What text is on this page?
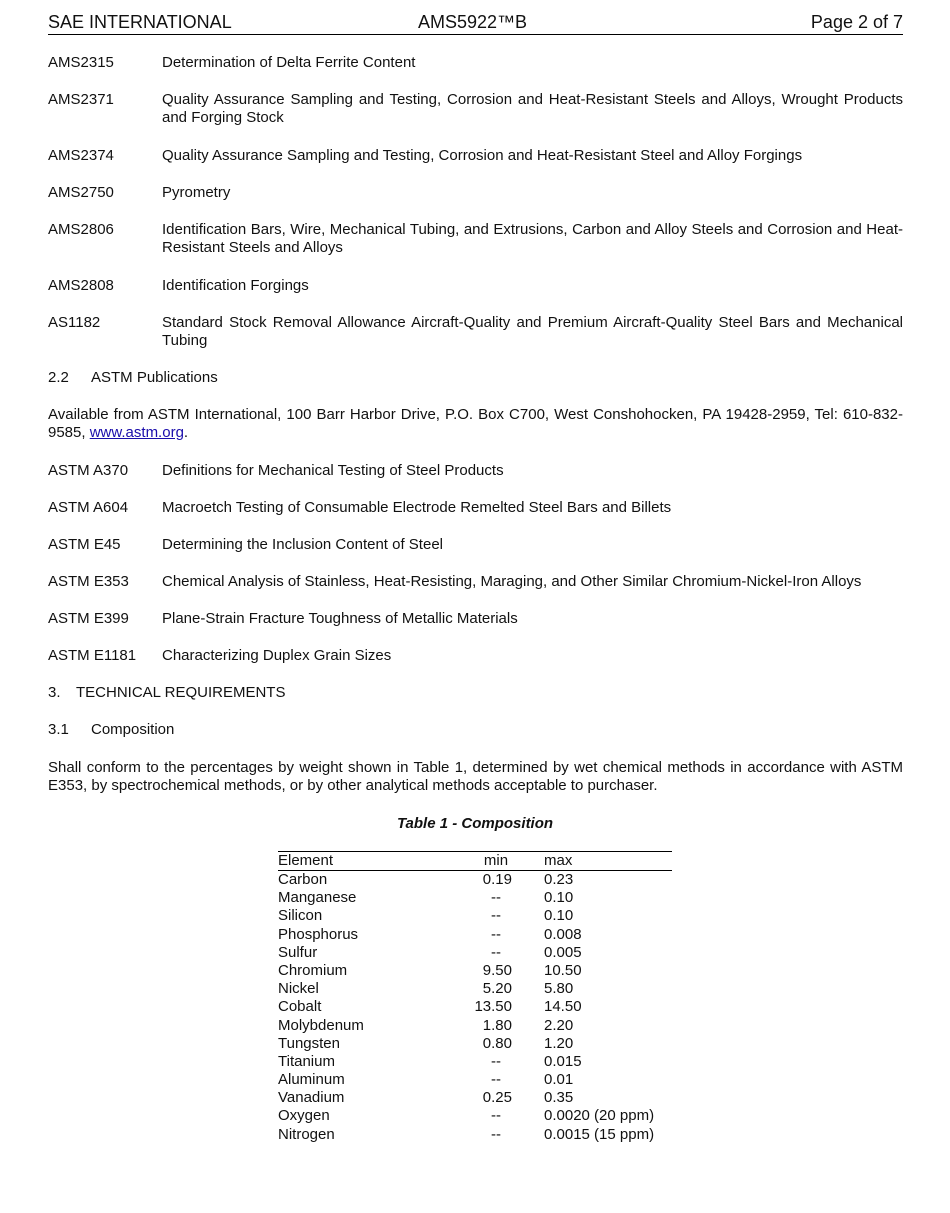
SAE INTERNATIONAL	AMS5922™B	Page 2 of 7
AMS2315	Determination of Delta Ferrite Content
AMS2371	Quality Assurance Sampling and Testing, Corrosion and Heat-Resistant Steels and Alloys, Wrought Products and Forging Stock
AMS2374	Quality Assurance Sampling and Testing, Corrosion and Heat-Resistant Steel and Alloy Forgings
AMS2750	Pyrometry
AMS2806	Identification Bars, Wire, Mechanical Tubing, and Extrusions, Carbon and Alloy Steels and Corrosion and Heat-Resistant Steels and Alloys
AMS2808	Identification Forgings
AS1182	Standard Stock Removal Allowance Aircraft-Quality and Premium Aircraft-Quality Steel Bars and Mechanical Tubing
2.2 ASTM Publications
Available from ASTM International, 100 Barr Harbor Drive, P.O. Box C700, West Conshohocken, PA 19428-2959, Tel: 610-832-9585, www.astm.org.
ASTM A370	Definitions for Mechanical Testing of Steel Products
ASTM A604	Macroetch Testing of Consumable Electrode Remelted Steel Bars and Billets
ASTM E45	Determining the Inclusion Content of Steel
ASTM E353	Chemical Analysis of Stainless, Heat-Resisting, Maraging, and Other Similar Chromium-Nickel-Iron Alloys
ASTM E399	Plane-Strain Fracture Toughness of Metallic Materials
ASTM E1181	Characterizing Duplex Grain Sizes
3. TECHNICAL REQUIREMENTS
3.1 Composition
Shall conform to the percentages by weight shown in Table 1, determined by wet chemical methods in accordance with ASTM E353, by spectrochemical methods, or by other analytical methods acceptable to purchaser.
Table 1 - Composition
Element	min	max
Carbon	0.19 0.23
Manganese	--	0.10
Silicon	--	0.10
Phosphorus	--	0.008
Sulfur	--	0.005
Chromium	9.50 10.50
Nickel	5.20 5.80
Cobalt	13.50 14.50
Molybdenum	1.80 2.20
Tungsten	0.80 1.20
Titanium	--	0.015
Aluminum	--	0.01
Vanadium	0.25 0.35
Oxygen	--	0.0020 (20 ppm)
Nitrogen	--	0.0015 (15 ppm)
